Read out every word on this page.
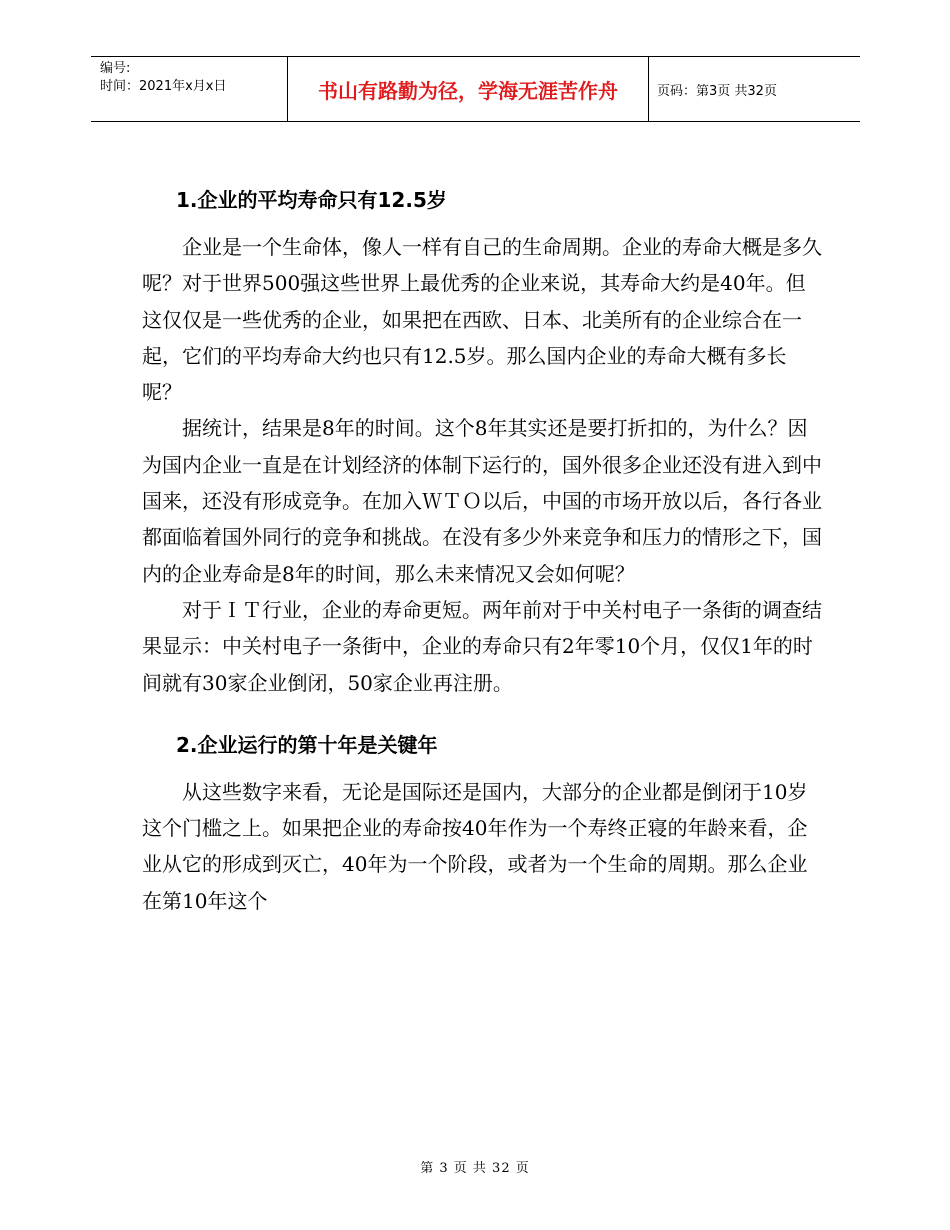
编号:
时间：2021年x月x日	书山有路勤为径，学海无涯苦作舟	页码：第3页 共32页
1.企业的平均寿命只有12.5岁

企业是一个生命体，像人一样有自己的生命周期。企业的寿命大概是多久呢？对于世界500强这些世界上最优秀的企业来说，其寿命大约是40年。但这仅仅是一些优秀的企业，如果把在西欧、日本、北美所有的企业综合在一起，它们的平均寿命大约也只有12.5岁。那么国内企业的寿命大概有多长呢？

据统计，结果是8年的时间。这个8年其实还是要打折扣的，为什么？因为国内企业一直是在计划经济的体制下运行的，国外很多企业还没有进入到中国来，还没有形成竞争。在加入ＷＴＯ以后，中国的市场开放以后，各行各业都面临着国外同行的竞争和挑战。在没有多少外来竞争和压力的情形之下，国内的企业寿命是8年的时间，那么未来情况又会如何呢？

对于ＩＴ行业，企业的寿命更短。两年前对于中关村电子一条街的调查结果显示：中关村电子一条街中，企业的寿命只有2年零10个月，仅仅1年的时间就有30家企业倒闭，50家企业再注册。

2.企业运行的第十年是关键年

从这些数字来看，无论是国际还是国内，大部分的企业都是倒闭于10岁这个门槛之上。如果把企业的寿命按40年作为一个寿终正寝的年龄来看，企业从它的形成到灭亡，40年为一个阶段，或者为一个生命的周期。那么企业在第10年这个

第 3 页 共 32 页
